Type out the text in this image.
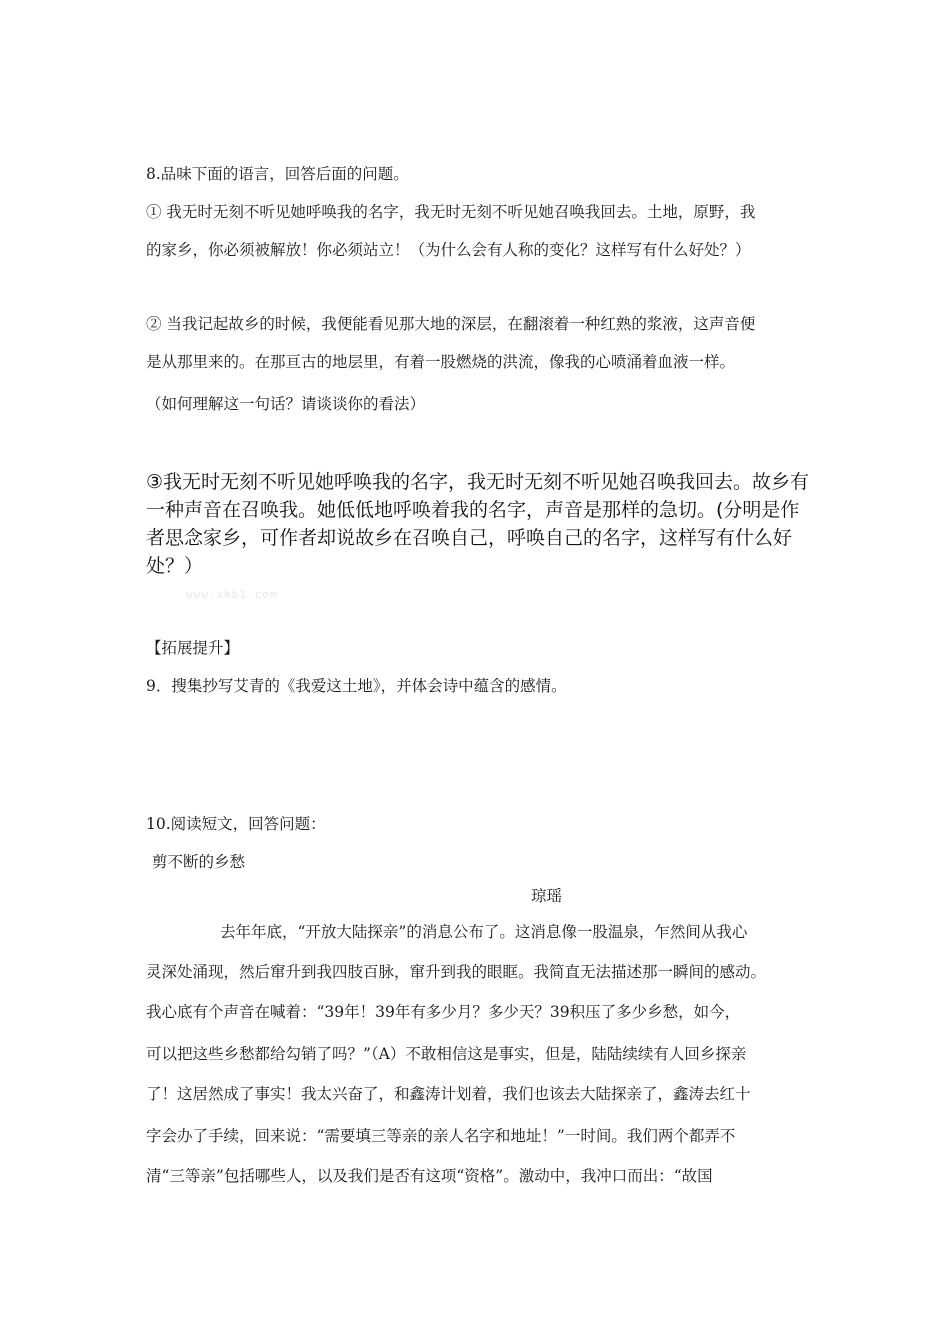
8.品味下面的语言，回答后面的问题。
① 我无时无刻不听见她呼唤我的名字，我无时无刻不听见她召唤我回去。土地，原野，我
的家乡，你必须被解放！你必须站立！（为什么会有人称的变化？这样写有什么好处？）
② 当我记起故乡的时候，我便能看见那大地的深层，在翻滚着一种红熟的浆液，这声音便
是从那里来的。在那亘古的地层里，有着一股燃烧的洪流，像我的心喷涌着血液一样。
（如何理解这一句话？请谈谈你的看法）
③我无时无刻不听见她呼唤我的名字，我无时无刻不听见她召唤我回去。故乡有
一种声音在召唤我。她低低地呼唤着我的名字，声音是那样的急切。(分明是作
者思念家乡，可作者却说故乡在召唤自己，呼唤自己的名字，这样写有什么好
处？）
www.xkb1.com
【拓展提升】
9．搜集抄写艾青的《我爱这土地》，并体会诗中蕴含的感情。
10.阅读短文，回答问题：
剪不断的乡愁
琼瑶
去年年底，“开放大陆探亲”的消息公布了。这消息像一股温泉，乍然间从我心
灵深处涌现，然后窜升到我四肢百脉，窜升到我的眼眶。我简直无法描述那一瞬间的感动。
我心底有个声音在喊着：“39年！39年有多少月？多少天？39积压了多少乡愁，如今，
可以把这些乡愁都给勾销了吗？”（A）不敢相信这是事实，但是，陆陆续续有人回乡探亲
了！这居然成了事实！我太兴奋了，和鑫涛计划着，我们也该去大陆探亲了，鑫涛去红十
字会办了手续，回来说：“需要填三等亲的亲人名字和地址！”一时间。我们两个都弄不
清“三等亲”包括哪些人，以及我们是否有这项“资格”。激动中，我冲口而出：“故国
